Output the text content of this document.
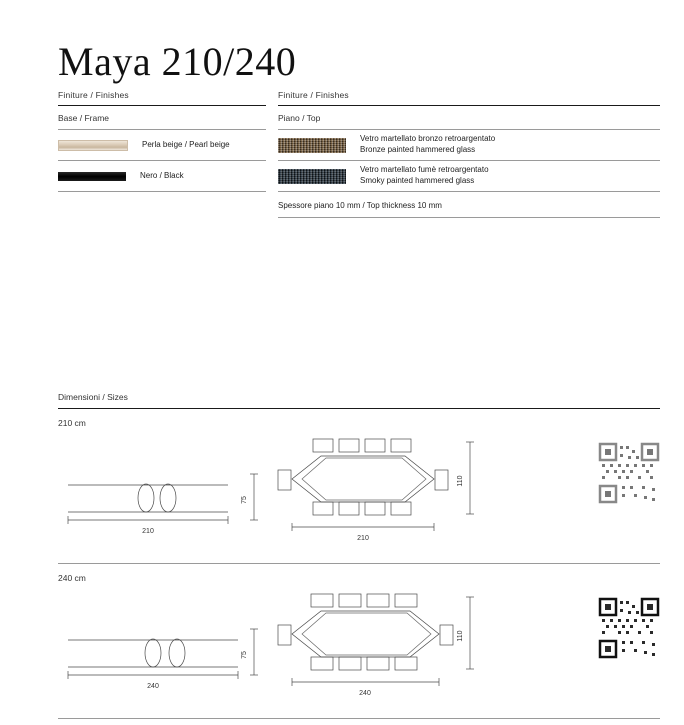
Maya 210/240
Finiture / Finishes
Base / Frame
Perla beige / Pearl beige
Nero / Black
Finiture / Finishes
Piano / Top
Vetro martellato bronzo retroargentato
Bronze painted hammered glass
Vetro martellato fumè retroargentato
Smoky painted hammered glass
Spessore piano 10 mm / Top thickness 10 mm
Dimensioni / Sizes
210 cm
210
75
210
110
240 cm
240
75
240
110
